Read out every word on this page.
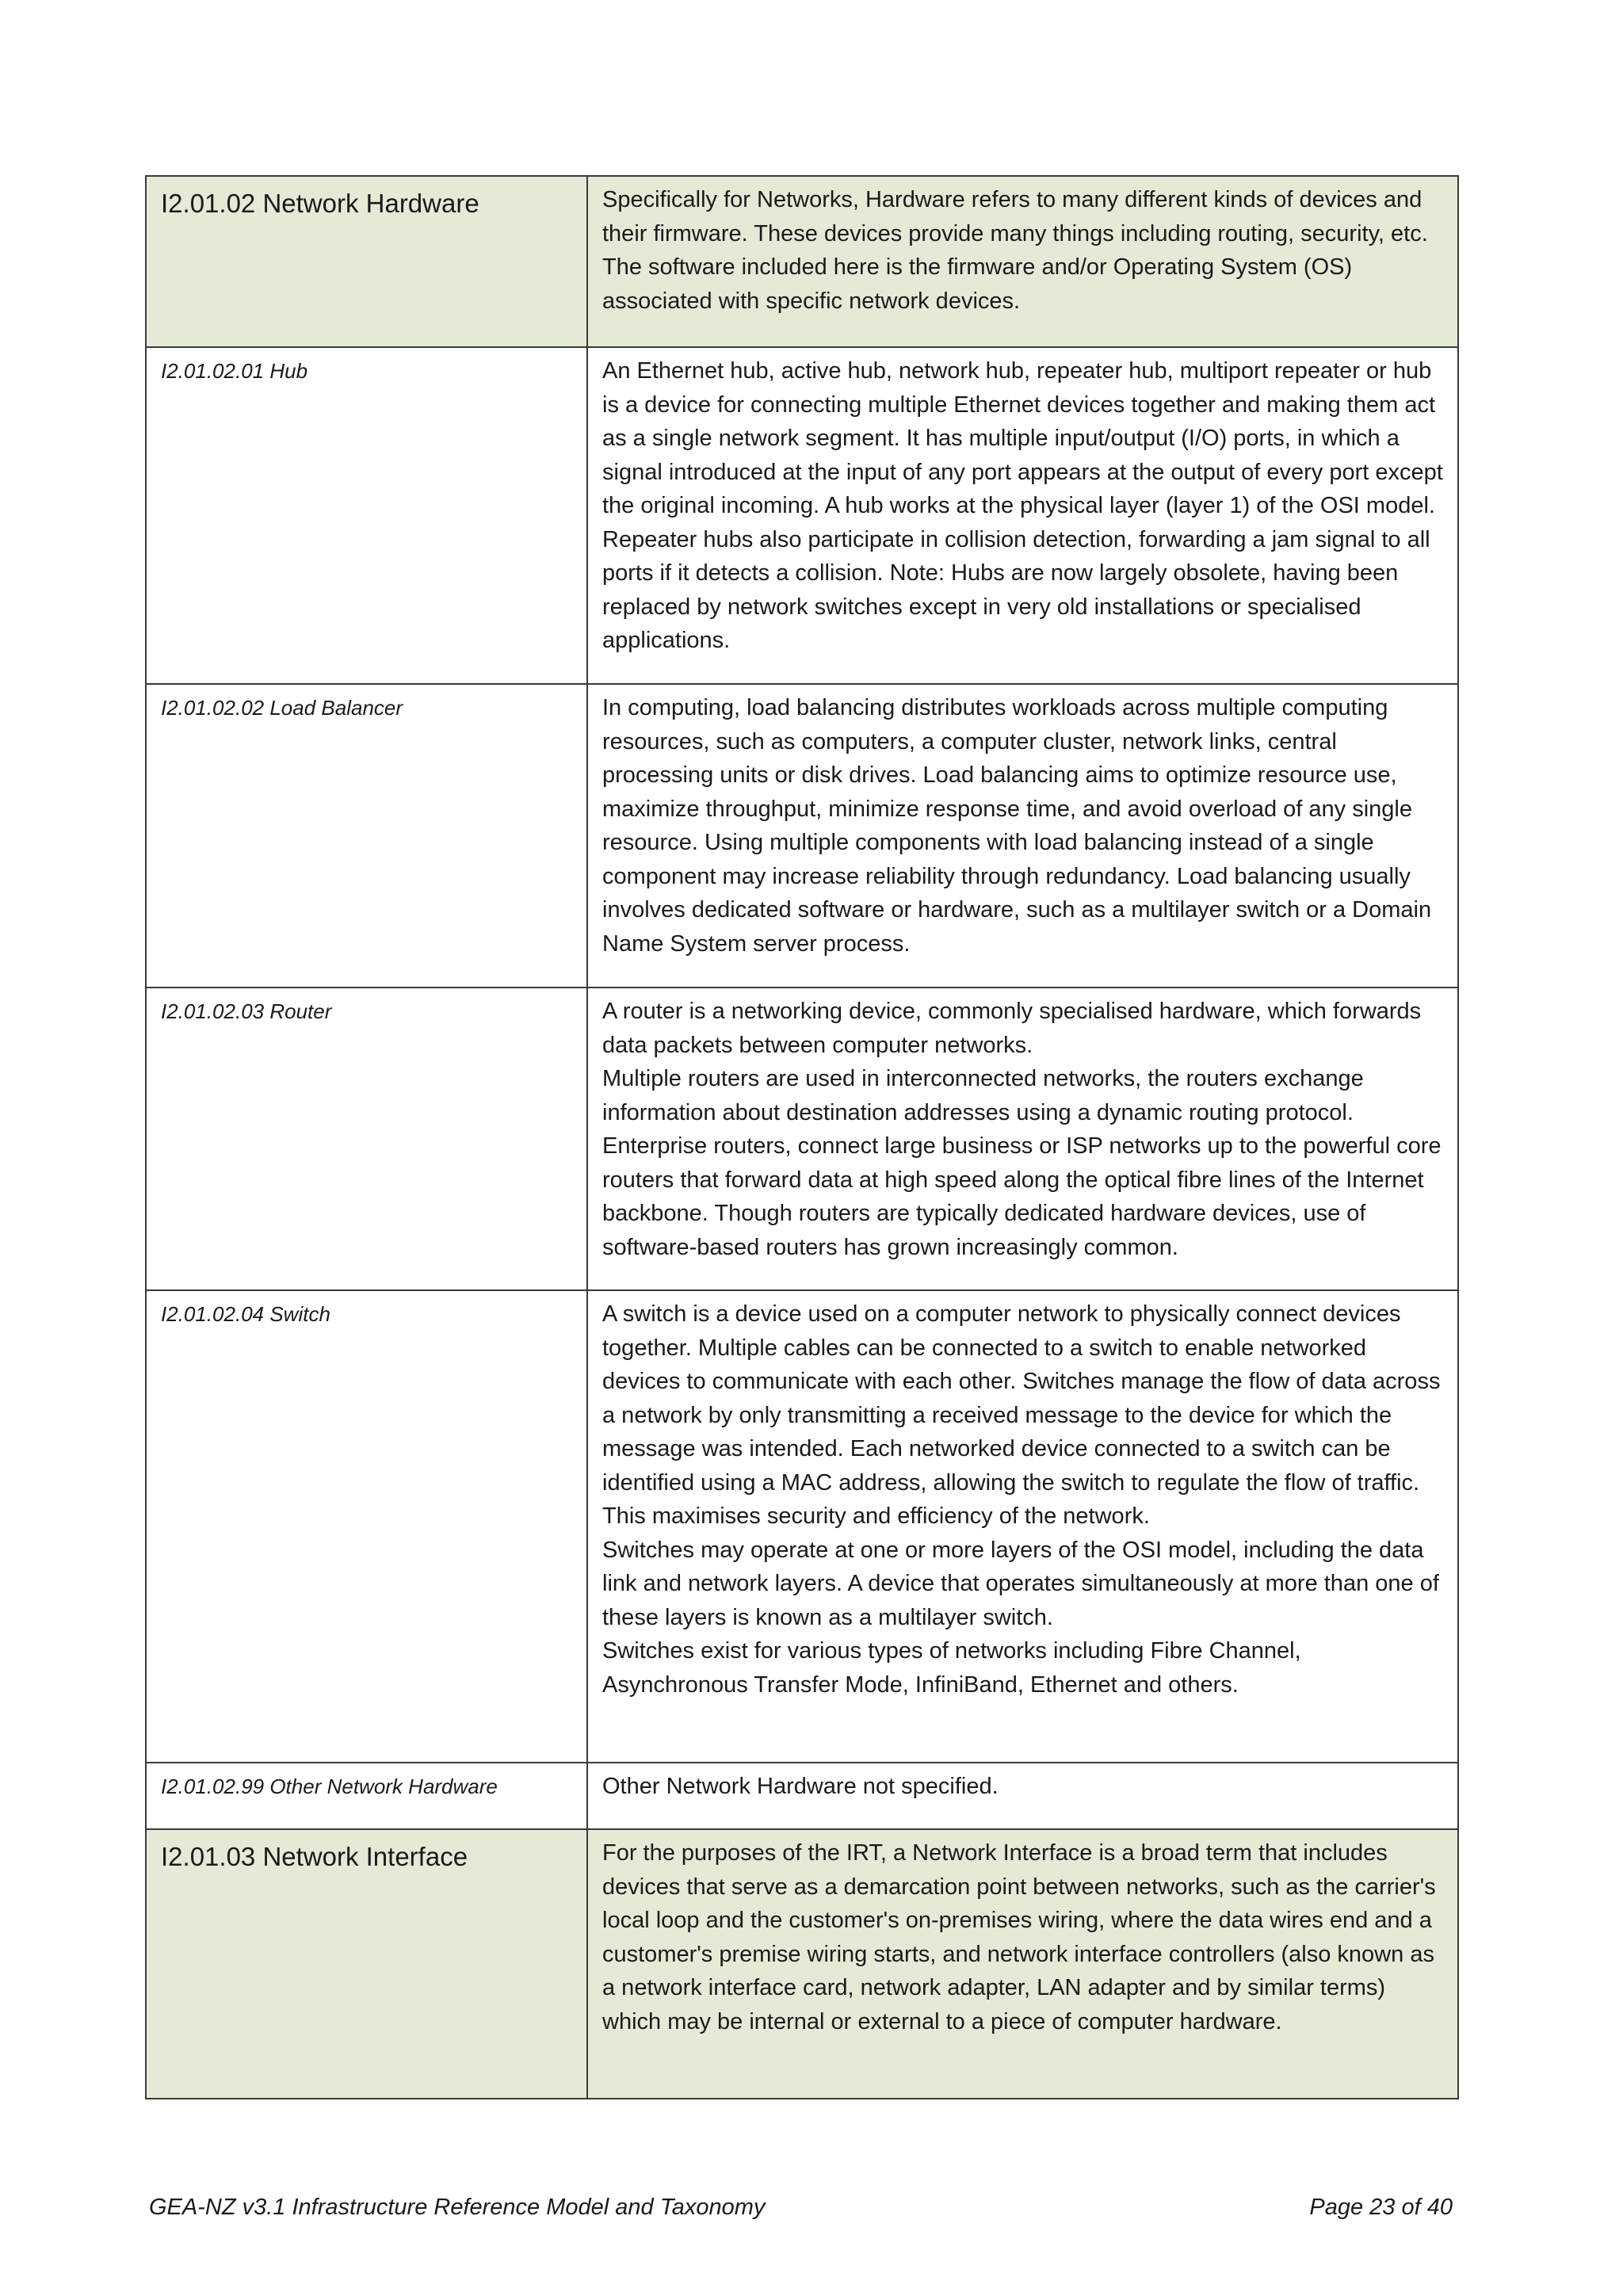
I2.01.02 Network Hardware	Specifically for Networks, Hardware refers to many different kinds of devices and their firmware. These devices provide many things including routing, security, etc. The software included here is the firmware and/or Operating System (OS) associated with specific network devices.

I2.01.02.01 Hub	An Ethernet hub, active hub, network hub, repeater hub, multiport repeater or hub is a device for connecting multiple Ethernet devices together and making them act as a single network segment. It has multiple input/output (I/O) ports, in which a signal introduced at the input of any port appears at the output of every port except the original incoming. A hub works at the physical layer (layer 1) of the OSI model. Repeater hubs also participate in collision detection, forwarding a jam signal to all ports if it detects a collision. Note: Hubs are now largely obsolete, having been replaced by network switches except in very old installations or specialised applications.

I2.01.02.02 Load Balancer	In computing, load balancing distributes workloads across multiple computing resources, such as computers, a computer cluster, network links, central processing units or disk drives. Load balancing aims to optimize resource use, maximize throughput, minimize response time, and avoid overload of any single resource. Using multiple components with load balancing instead of a single component may increase reliability through redundancy. Load balancing usually involves dedicated software or hardware, such as a multilayer switch or a Domain Name System server process.

I2.01.02.03 Router	A router is a networking device, commonly specialised hardware, which forwards data packets between computer networks.

Multiple routers are used in interconnected networks, the routers exchange information about destination addresses using a dynamic routing protocol. Enterprise routers, connect large business or ISP networks up to the powerful core routers that forward data at high speed along the optical fibre lines of the Internet backbone. Though routers are typically dedicated hardware devices, use of software-based routers has grown increasingly common.

I2.01.02.04 Switch	A switch is a device used on a computer network to physically connect devices together. Multiple cables can be connected to a switch to enable networked devices to communicate with each other. Switches manage the flow of data across a network by only transmitting a received message to the device for which the message was intended. Each networked device connected to a switch can be identified using a MAC address, allowing the switch to regulate the flow of traffic. This maximises security and efficiency of the network.

Switches may operate at one or more layers of the OSI model, including the data link and network layers. A device that operates simultaneously at more than one of these layers is known as a multilayer switch.

Switches exist for various types of networks including Fibre Channel, Asynchronous Transfer Mode, InfiniBand, Ethernet and others.

I2.01.02.99 Other Network Hardware	Other Network Hardware not specified.

I2.01.03 Network Interface	For the purposes of the IRT, a Network Interface is a broad term that includes devices that serve as a demarcation point between networks, such as the carrier's local loop and the customer's on-premises wiring, where the data wires end and a customer's premise wiring starts, and network interface controllers (also known as a network interface card, network adapter, LAN adapter and by similar terms) which may be internal or external to a piece of computer hardware.

GEA-NZ v3.1 Infrastructure Reference Model and Taxonomy	Page 23 of 40
